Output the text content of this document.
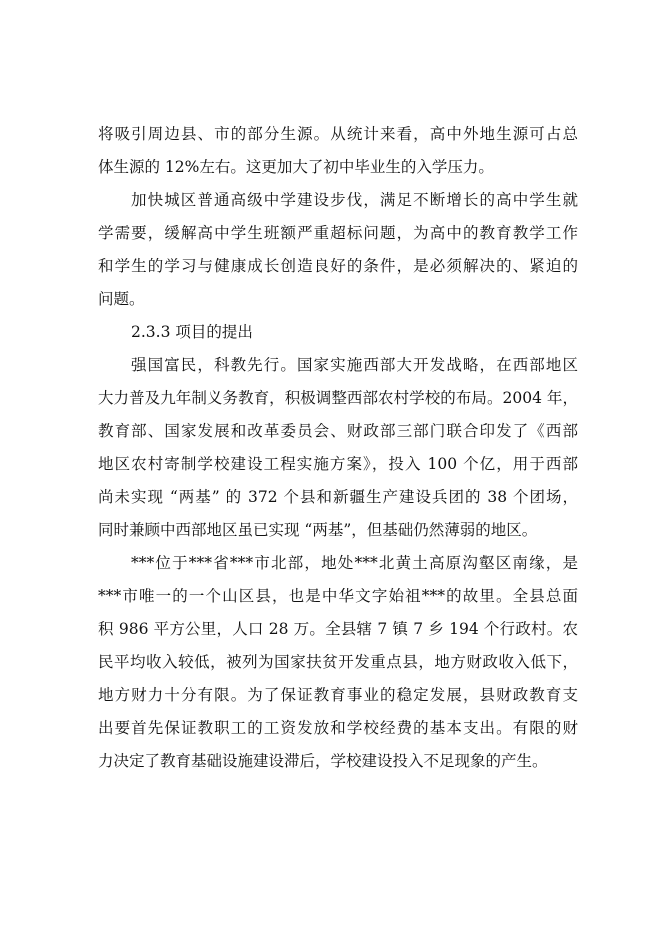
将吸引周边县、市的部分生源。从统计来看，高中外地生源可占总
体生源的 12%左右。这更加大了初中毕业生的入学压力。
加快城区普通高级中学建设步伐，满足不断增长的高中学生就
学需要，缓解高中学生班额严重超标问题，为高中的教育教学工作
和学生的学习与健康成长创造良好的条件，是必须解决的、紧迫的
问题。
2.3.3 项目的提出
强国富民，科教先行。国家实施西部大开发战略，在西部地区
大力普及九年制义务教育，积极调整西部农村学校的布局。2004 年，
教育部、国家发展和改革委员会、财政部三部门联合印发了《西部
地区农村寄制学校建设工程实施方案》，投入 100 个亿，用于西部
尚未实现 “两基” 的 372 个县和新疆生产建设兵团的 38 个团场，
同时兼顾中西部地区虽已实现 “两基”，但基础仍然薄弱的地区。
***位于***省***市北部，地处***北黄土高原沟壑区南缘，是
***市唯一的一个山区县，也是中华文字始祖***的故里。全县总面
积 986 平方公里，人口 28 万。全县辖 7 镇 7 乡 194 个行政村。农
民平均收入较低，被列为国家扶贫开发重点县，地方财政收入低下，
地方财力十分有限。为了保证教育事业的稳定发展，县财政教育支
出要首先保证教职工的工资发放和学校经费的基本支出。有限的财
力决定了教育基础设施建设滞后，学校建设投入不足现象的产生。
